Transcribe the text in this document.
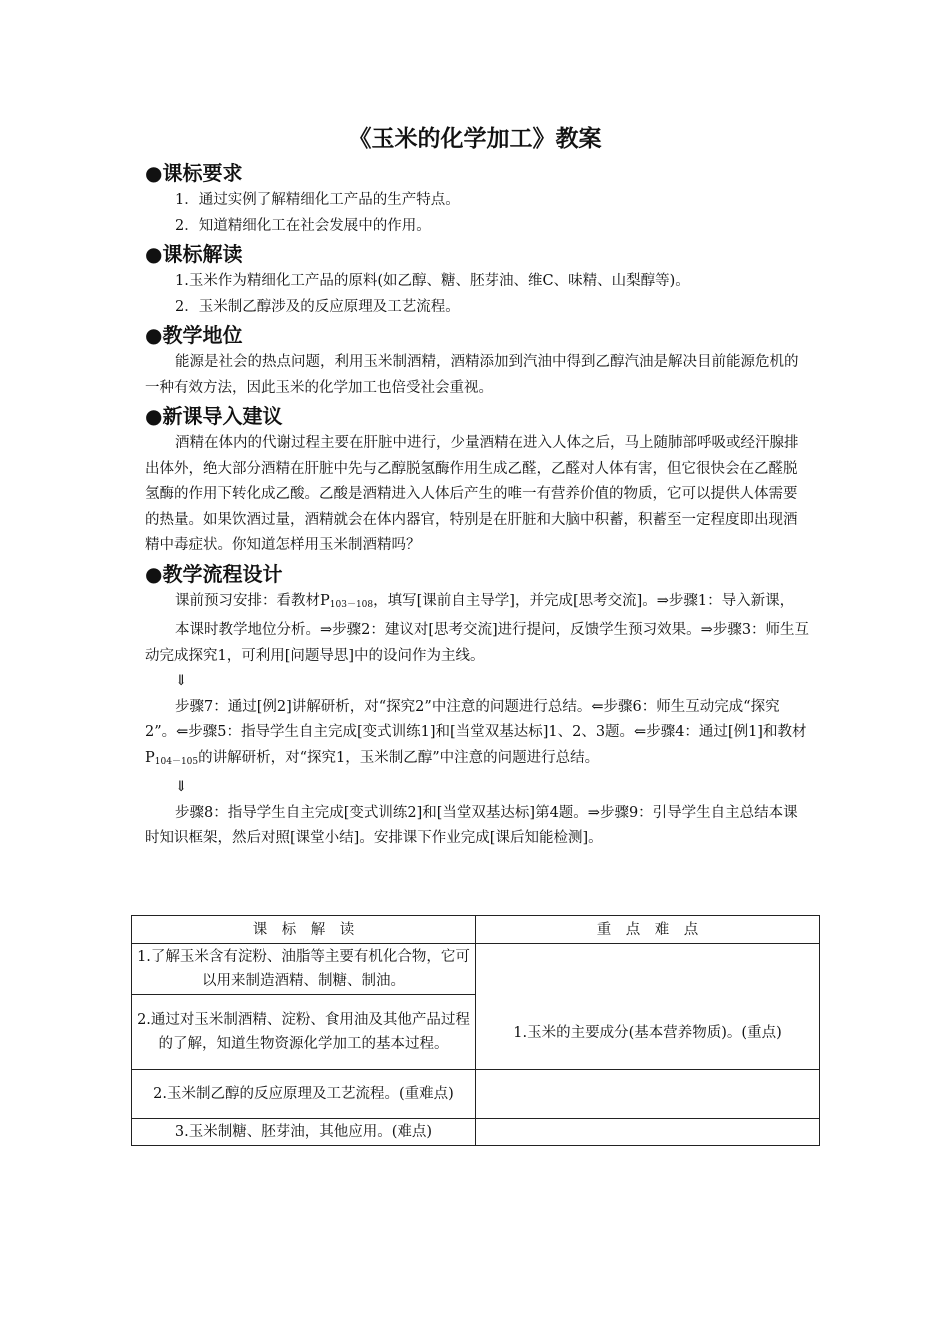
《玉米的化学加工》教案
●课标要求

1．通过实例了解精细化工产品的生产特点。

2．知道精细化工在社会发展中的作用。

●课标解读

1.玉米作为精细化工产品的原料(如乙醇、糖、胚芽油、维C、味精、山梨醇等)。

2．玉米制乙醇涉及的反应原理及工艺流程。

●教学地位

能源是社会的热点问题，利用玉米制酒精，酒精添加到汽油中得到乙醇汽油是解决目前能源危机的一种有效方法，因此玉米的化学加工也倍受社会重视。

●新课导入建议

酒精在体内的代谢过程主要在肝脏中进行，少量酒精在进入人体之后，马上随肺部呼吸或经汗腺排出体外，绝大部分酒精在肝脏中先与乙醇脱氢酶作用生成乙醛，乙醛对人体有害，但它很快会在乙醛脱氢酶的作用下转化成乙酸。乙酸是酒精进入人体后产生的唯一有营养价值的物质，它可以提供人体需要的热量。如果饮酒过量，酒精就会在体内器官，特别是在肝脏和大脑中积蓄，积蓄至一定程度即出现酒精中毒症状。你知道怎样用玉米制酒精吗？

●教学流程设计

课前预习安排：看教材$P_{103-108}$，填写[课前自主导学]，并完成[思考交流]。⇒步骤1：导入新课，

本课时教学地位分析。⇒步骤2：建议对[思考交流]进行提问，反馈学生预习效果。⇒步骤3：师生互动完成探究1，可利用[问题导思]中的设问作为主线。

⇓

步骤7：通过[例2]讲解研析，对“探究2”中注意的问题进行总结。⇐步骤6：师生互动完成“探究2”。⇐步骤5：指导学生自主完成[变式训练1]和[当堂双基达标]1、2、3题。⇐步骤4：通过[例1]和教材$P_{104-105}$的讲解研析，对“探究1，玉米制乙醇”中注意的问题进行总结。

⇓

步骤8：指导学生自主完成[变式训练2]和[当堂双基达标]第4题。⇒步骤9：引导学生自主总结本课时知识框架，然后对照[课堂小结]。安排课下作业完成[课后知能检测]。

课　标　解　读	重　点　难　点
1.了解玉米含有淀粉、油脂等主要有机化合物，它可以用来制造酒精、制糖、制油。	1.玉米的主要成分(基本营养物质)。(重点)
2.通过对玉米制酒精、淀粉、食用油及其他产品过程的了解，知道生物资源化学加工的基本过程。	
2.玉米制乙醇的反应原理及工艺流程。(重难点)	
3.玉米制糖、胚芽油，其他应用。(难点)	
